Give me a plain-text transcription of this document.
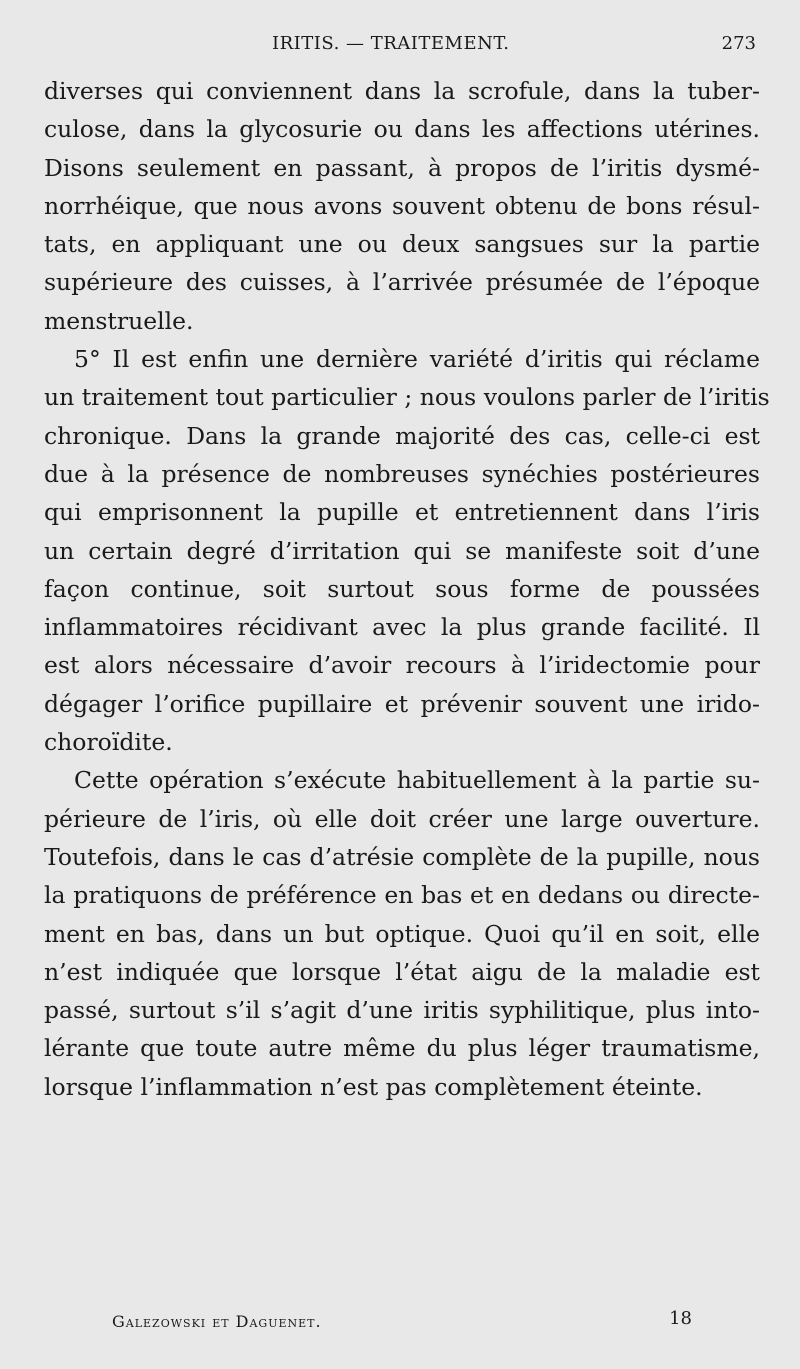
IRITIS. — TRAITEMENT.	273
diverses qui conviennent dans la scrofule, dans la tuber-
culose, dans la glycosurie ou dans les affections utérines.
Disons seulement en passant, à propos de l’iritis dysmé-
norrhéique, que nous avons souvent obtenu de bons résul-
tats, en appliquant une ou deux sangsues sur la partie
supérieure des cuisses, à l’arrivée présumée de l’époque
menstruelle.
5° Il est enfin une dernière variété d’iritis qui réclame
un traitement tout particulier ; nous voulons parler de l’iritis
chronique. Dans la grande majorité des cas, celle-ci est
due à la présence de nombreuses synéchies postérieures
qui emprisonnent la pupille et entretiennent dans l’iris
un certain degré d’irritation qui se manifeste soit d’une
façon continue, soit surtout sous forme de poussées
inflammatoires récidivant avec la plus grande facilité. Il
est alors nécessaire d’avoir recours à l’iridectomie pour
dégager l’orifice pupillaire et prévenir souvent une irido-
choroïdite.
Cette opération s’exécute habituellement à la partie su-
périeure de l’iris, où elle doit créer une large ouverture.
Toutefois, dans le cas d’atrésie complète de la pupille, nous
la pratiquons de préférence en bas et en dedans ou directe-
ment en bas, dans un but optique. Quoi qu’il en soit, elle
n’est indiquée que lorsque l’état aigu de la maladie est
passé, surtout s’il s’agit d’une iritis syphilitique, plus into-
lérante que toute autre même du plus léger traumatisme,
lorsque l’inflammation n’est pas complètement éteinte.
Galezowski et Daguenet.	18
